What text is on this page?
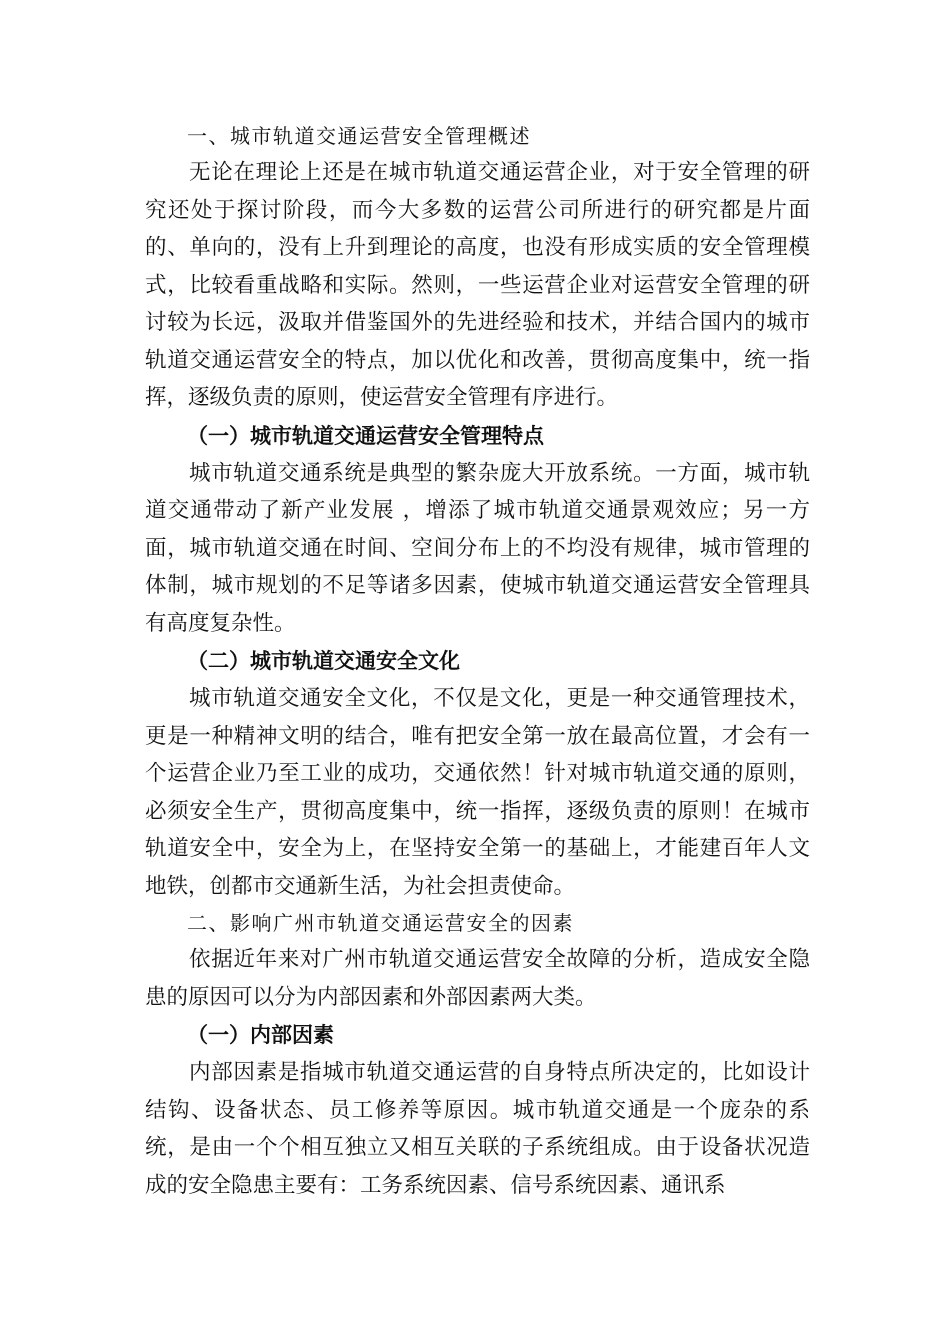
一、城市轨道交通运营安全管理概述

无论在理论上还是在城市轨道交通运营企业，对于安全管理的研究还处于探讨阶段，而今大多数的运营公司所进行的研究都是片面的、单向的，没有上升到理论的高度，也没有形成实质的安全管理模式，比较看重战略和实际。然则，一些运营企业对运营安全管理的研讨较为长远，汲取并借鉴国外的先进经验和技术，并结合国内的城市轨道交通运营安全的特点，加以优化和改善，贯彻高度集中，统一指挥，逐级负责的原则，使运营安全管理有序进行。

（一）城市轨道交通运营安全管理特点

城市轨道交通系统是典型的繁杂庞大开放系统。一方面，城市轨道交通带动了新产业发展 ，增添了城市轨道交通景观效应；另一方面，城市轨道交通在时间、空间分布上的不均没有规律，城市管理的体制，城市规划的不足等诸多因素，使城市轨道交通运营安全管理具有高度复杂性。

（二）城市轨道交通安全文化

城市轨道交通安全文化，不仅是文化，更是一种交通管理技术，更是一种精神文明的结合，唯有把安全第一放在最高位置，才会有一个运营企业乃至工业的成功，交通依然！针对城市轨道交通的原则，必须安全生产，贯彻高度集中，统一指挥，逐级负责的原则！在城市轨道安全中，安全为上，在坚持安全第一的基础上，才能建百年人文地铁，创都市交通新生活，为社会担责使命。

二、影响广州市轨道交通运营安全的因素

依据近年来对广州市轨道交通运营安全故障的分析，造成安全隐患的原因可以分为内部因素和外部因素两大类。

（一）内部因素

内部因素是指城市轨道交通运营的自身特点所决定的，比如设计结钩、设备状态、员工修养等原因。城市轨道交通是一个庞杂的系统，是由一个个相互独立又相互关联的子系统组成。由于设备状况造成的安全隐患主要有：工务系统因素、信号系统因素、通讯系
